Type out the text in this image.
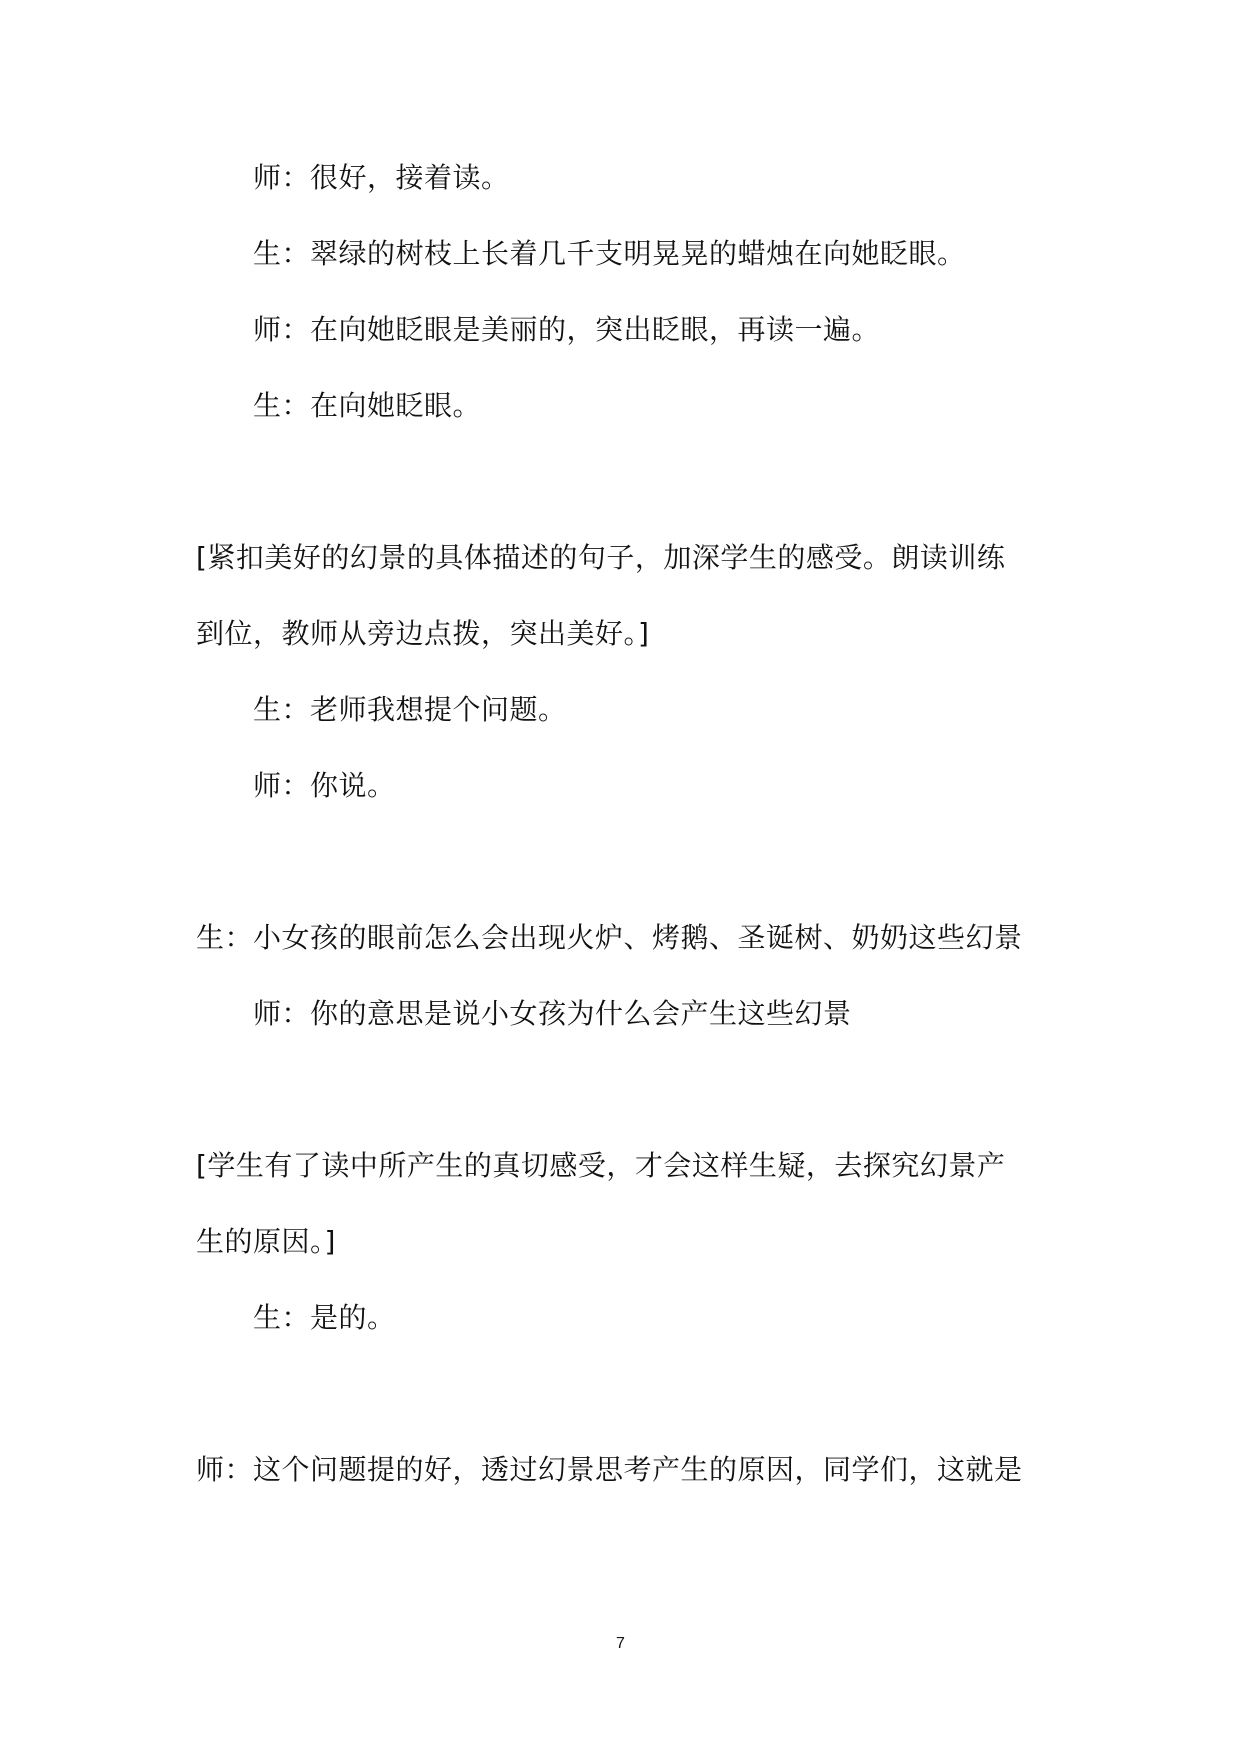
师：很好，接着读。
生：翠绿的树枝上长着几千支明晃晃的蜡烛在向她眨眼。
师：在向她眨眼是美丽的，突出眨眼，再读一遍。
生：在向她眨眼。
[紧扣美好的幻景的具体描述的句子，加深学生的感受。朗读训练
到位，教师从旁边点拨，突出美好。]
生：老师我想提个问题。
师：你说。
生：小女孩的眼前怎么会出现火炉、烤鹅、圣诞树、奶奶这些幻景
师：你的意思是说小女孩为什么会产生这些幻景
[学生有了读中所产生的真切感受，才会这样生疑，去探究幻景产
生的原因。]
生：是的。
师：这个问题提的好，透过幻景思考产生的原因，同学们，这就是
7
